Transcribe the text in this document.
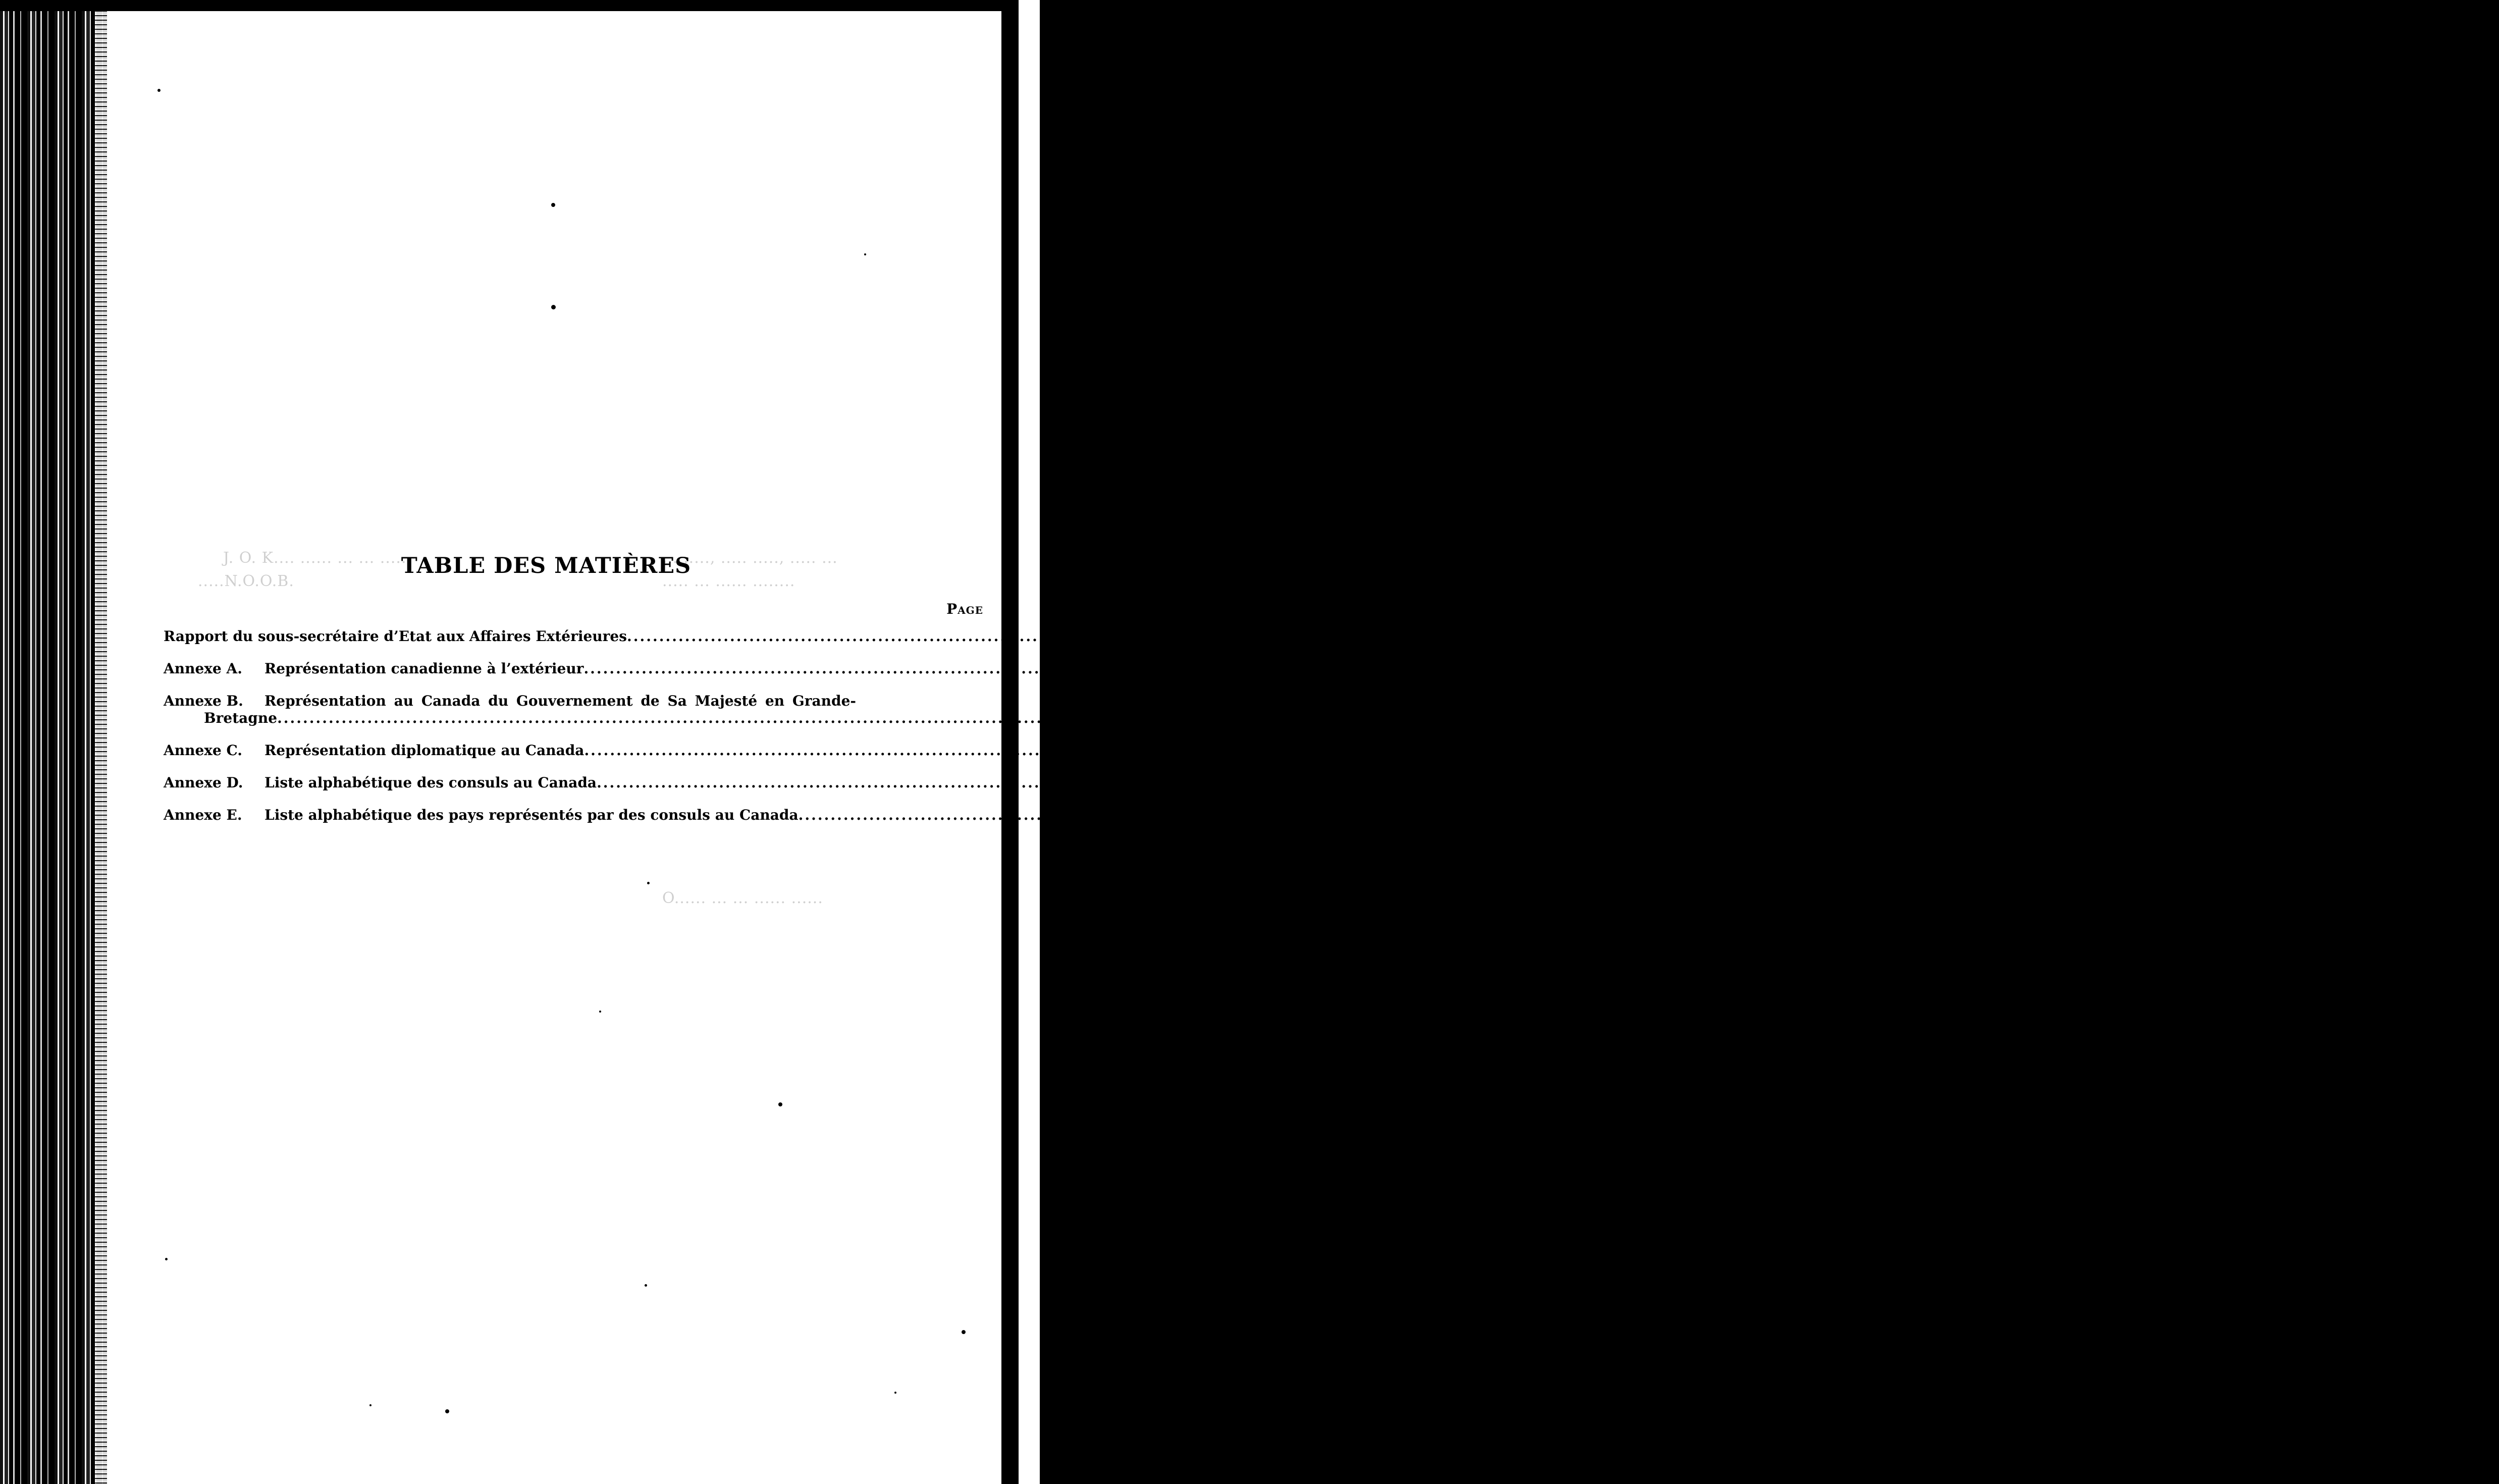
J. O. K.... ...... ... ... .....
.....N.O.O.B.
... ....., ..... ....., ..... ...
..... ... ...... ........
O...... ... ... ...... ......
TABLE DES MATIÈRES
Page
Rapport du sous-secrétaire d’Etat aux Affaires Extérieures .....	5
Annexe A.	Représentation canadienne à l’extérieur .....	14
Annexe B.	Représentation au Canada du Gouvernement de Sa Majesté en Grande-
Bretagne .....	15
Annexe C.	Représentation diplomatique au Canada .....	16
Annexe D.	Liste alphabétique des consuls au Canada .....	17
Annexe E.	Liste alphabétique des pays représentés par des consuls au Canada .....	22
